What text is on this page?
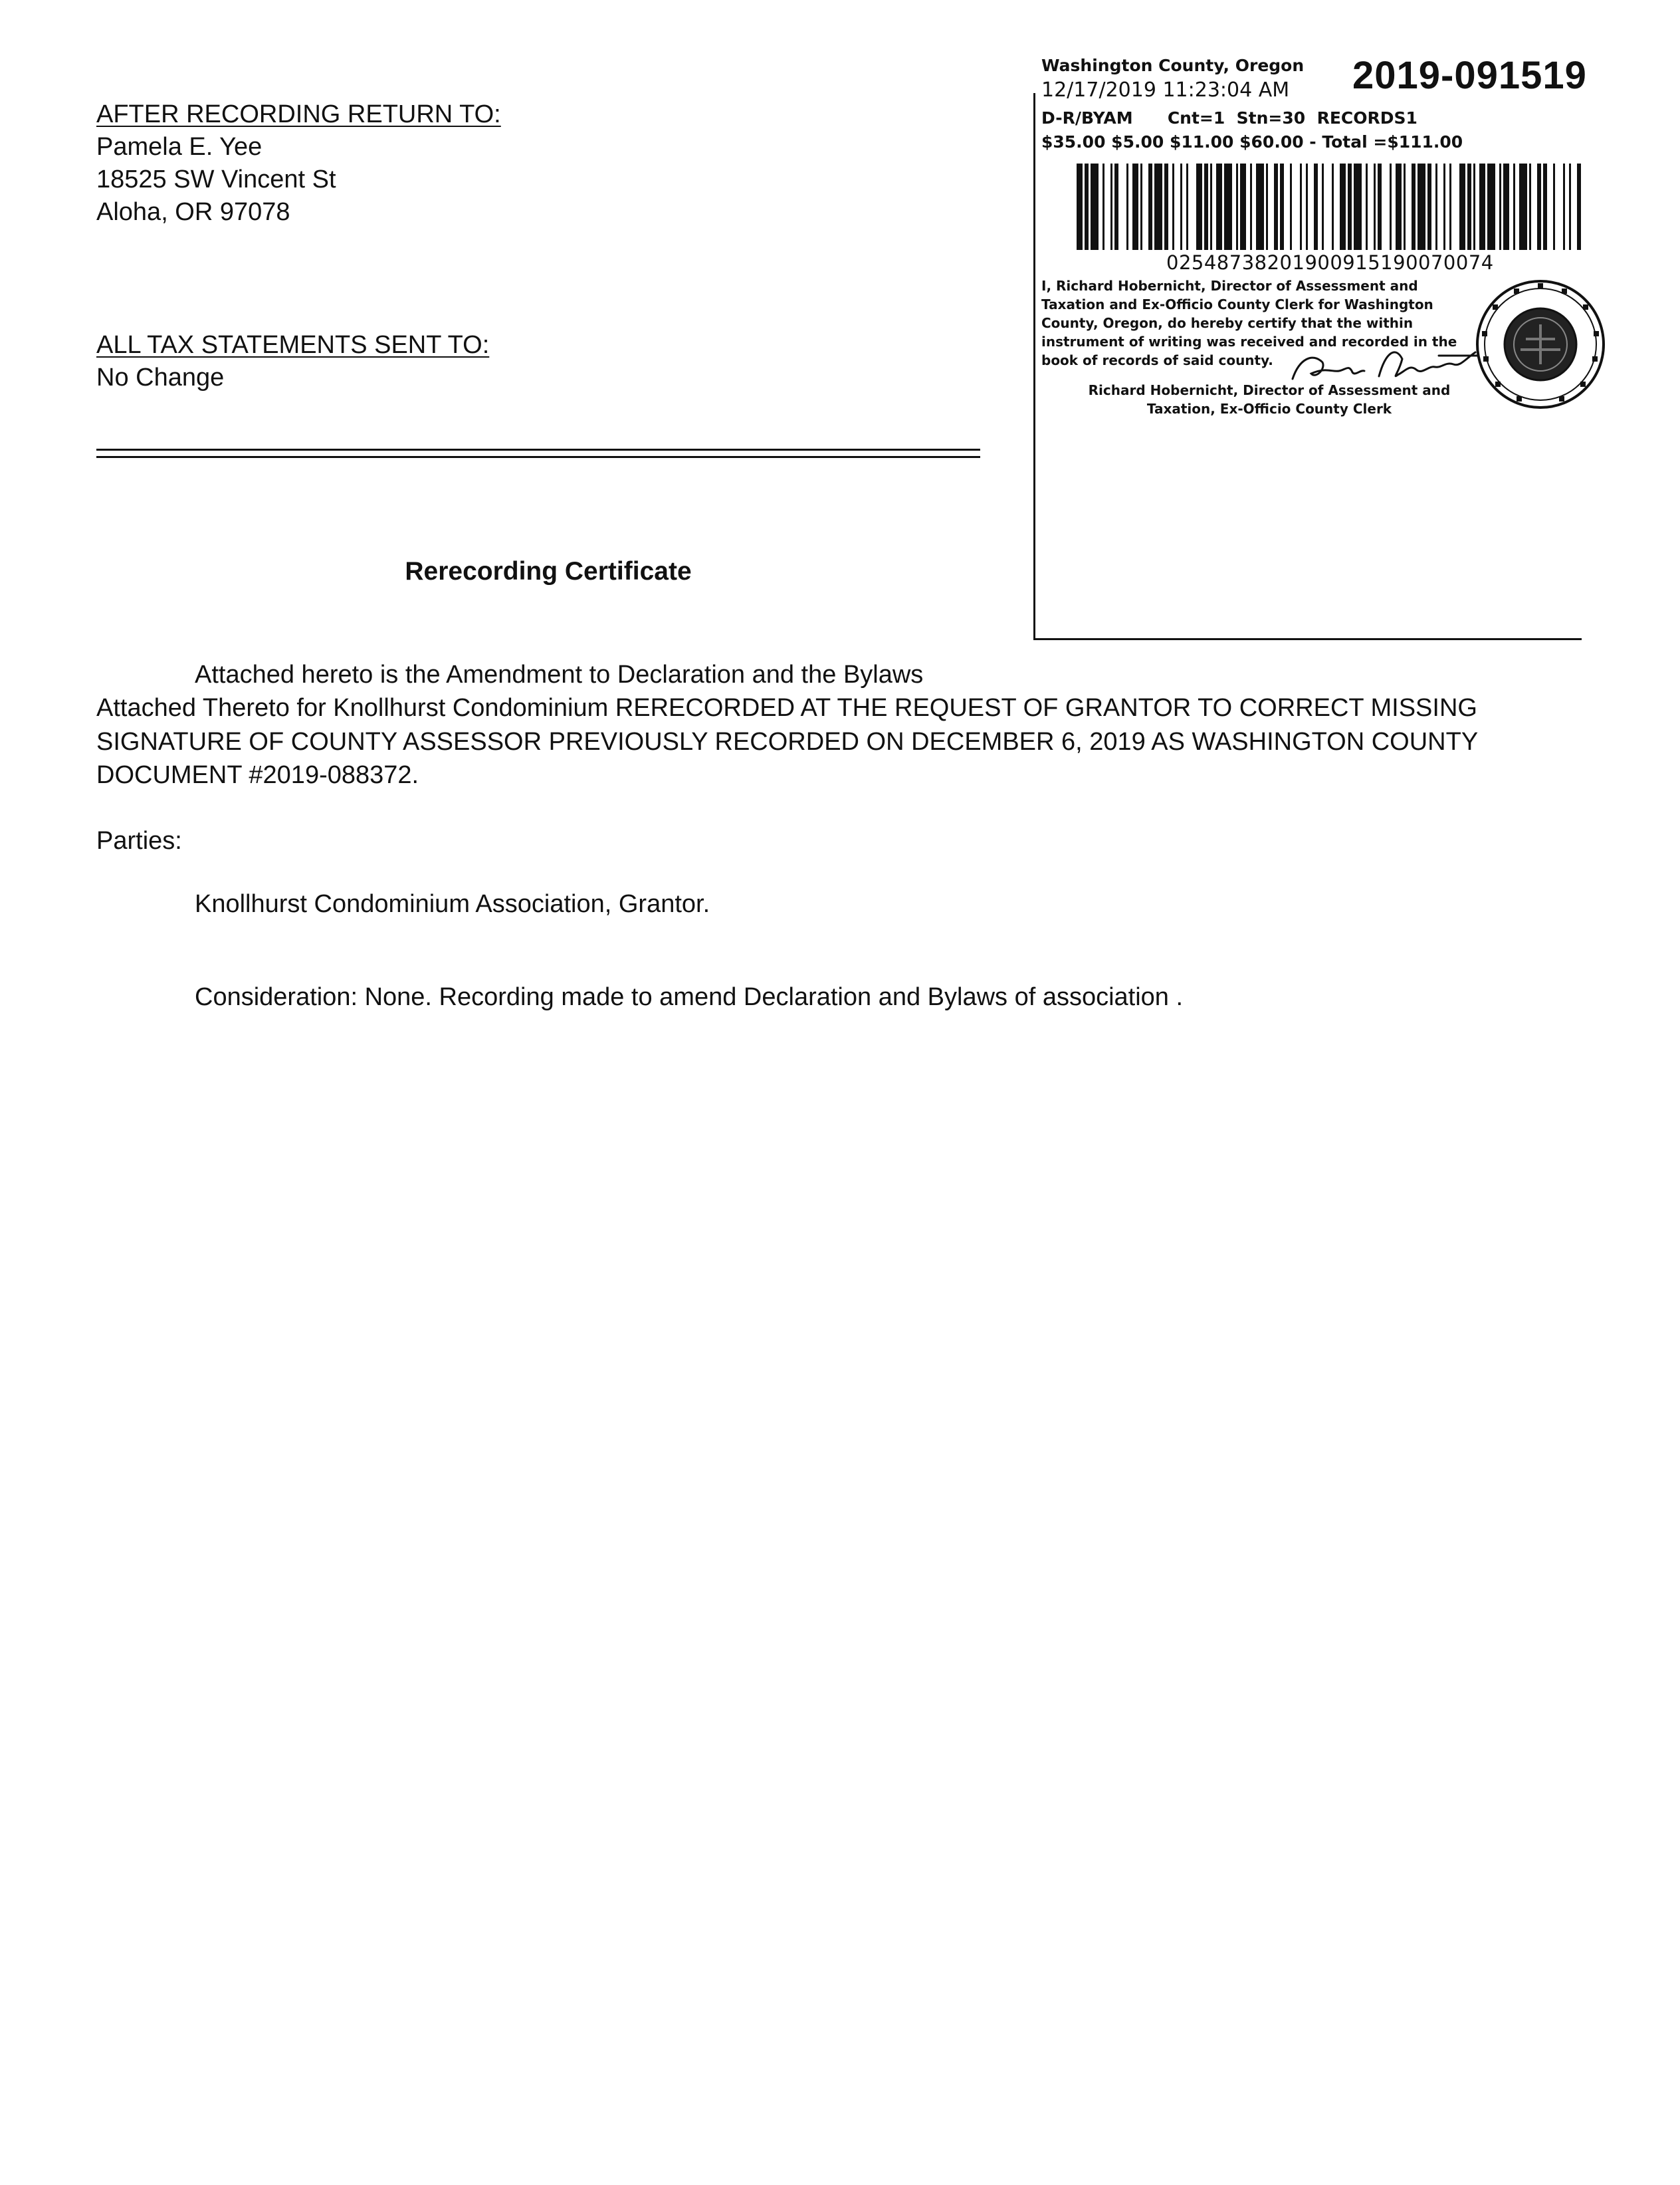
AFTER RECORDING RETURN TO:
Pamela E. Yee
18525 SW Vincent St
Aloha, OR 97078
ALL TAX STATEMENTS SENT TO:
No Change
Washington County, Oregon 2019-091519
12/17/2019 11:23:04 AM
D-R/BYAM      Cnt=1  Stn=30  RECORDS1
$35.00 $5.00 $11.00 $60.00 - Total =$111.00
02548738201900915190070074
I, Richard Hobernicht, Director of Assessment and
Taxation and Ex-Officio County Clerk for Washington
County, Oregon, do hereby certify that the within
instrument of writing was received and recorded in the
book of records of said county.
Richard Hobernicht, Director of Assessment and
Taxation, Ex-Officio County Clerk
Rerecording Certificate
Attached hereto is the Amendment to Declaration and the Bylaws
Attached Thereto for Knollhurst Condominium RERECORDED AT THE REQUEST OF GRANTOR TO CORRECT MISSING
SIGNATURE OF COUNTY ASSESSOR PREVIOUSLY RECORDED ON DECEMBER 6, 2019 AS WASHINGTON COUNTY
DOCUMENT #2019-088372.
Parties:
Knollhurst Condominium Association, Grantor.
Consideration: None. Recording made to amend Declaration and Bylaws of association .
